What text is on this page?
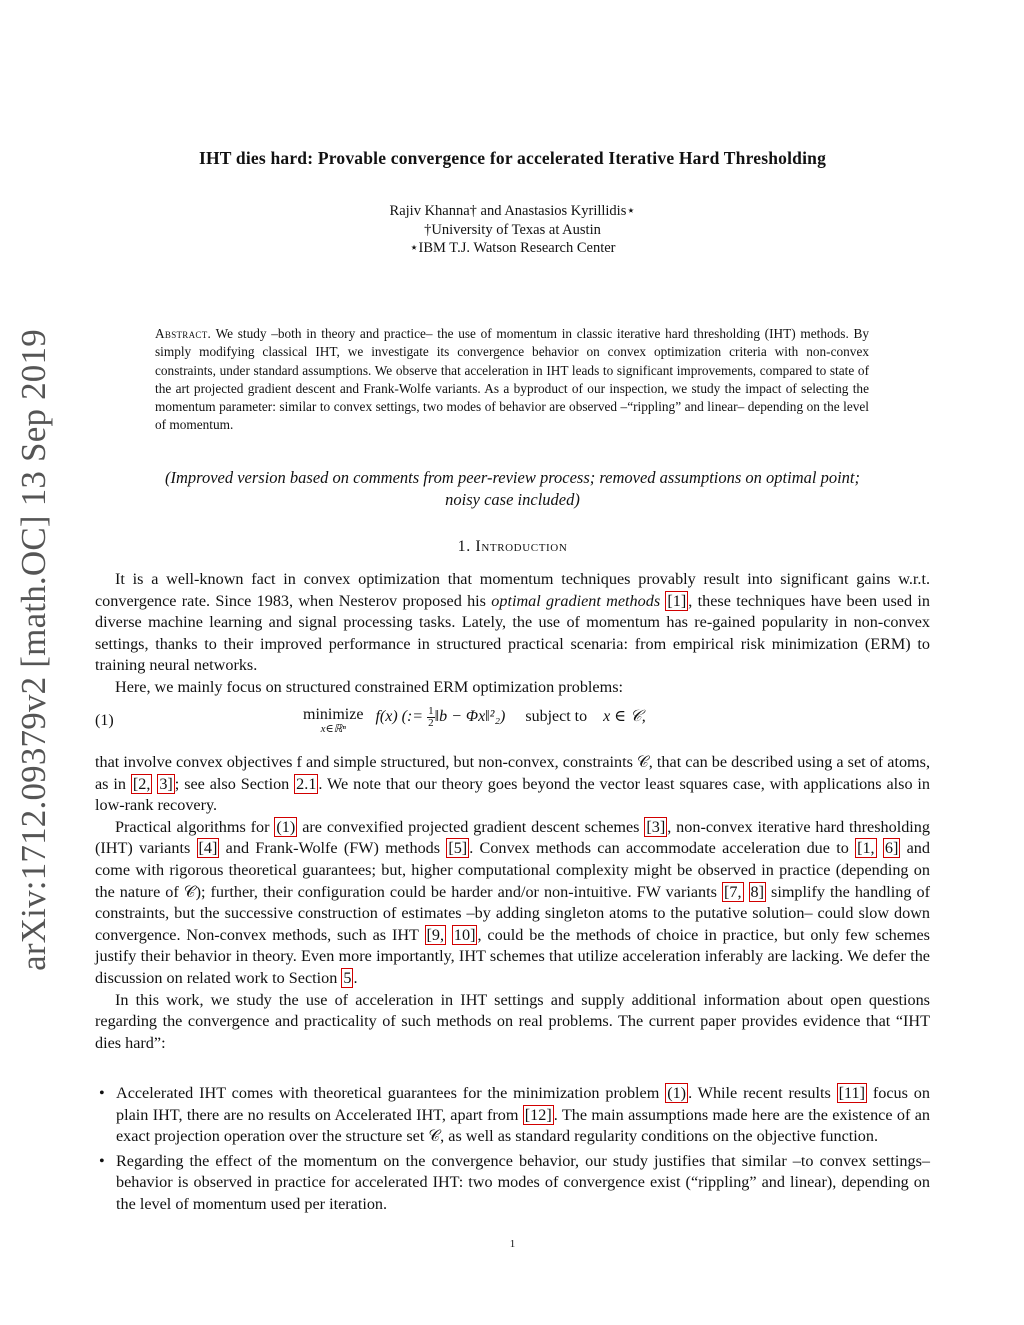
arXiv:1712.09379v2 [math.OC] 13 Sep 2019
IHT dies hard: Provable convergence for accelerated Iterative Hard Thresholding
Rajiv Khanna† and Anastasios Kyrillidis⋆
†University of Texas at Austin
⋆IBM T.J. Watson Research Center
Abstract. We study –both in theory and practice– the use of momentum in classic iterative hard thresholding (IHT) methods. By simply modifying classical IHT, we investigate its convergence behavior on convex optimization criteria with non-convex constraints, under standard assumptions. We observe that acceleration in IHT leads to significant improvements, compared to state of the art projected gradient descent and Frank-Wolfe variants. As a byproduct of our inspection, we study the impact of selecting the momentum parameter: similar to convex settings, two modes of behavior are observed –“rippling” and linear– depending on the level of momentum.
(Improved version based on comments from peer-review process; removed assumptions on optimal point;
noisy case included)
1. Introduction

It is a well-known fact in convex optimization that momentum techniques provably result into significant gains w.r.t. convergence rate. Since 1983, when Nesterov proposed his optimal gradient methods [1] , these techniques have been used in diverse machine learning and signal processing tasks. Lately, the use of momentum has re-gained popularity in non-convex settings, thanks to their improved performance in structured practical scenaria: from empirical risk minimization (ERM) to training neural networks.

Here, we mainly focus on structured constrained ERM optimization problems:

(1)	minimize
x∈ℝⁿ
f(x) (:= $\frac{1}{2}$ ‖b − Φx‖²₂) subject to x ∈ 𝒞,

that involve convex objectives f and simple structured, but non-convex, constraints 𝒞, that can be described using a set of atoms, as in [2, 3] ; see also Section 2.1 . We note that our theory goes beyond the vector least squares case, with applications also in low-rank recovery.

Practical algorithms for (1) are convexified projected gradient descent schemes [3] , non-convex iterative hard thresholding (IHT) variants [4] and Frank-Wolfe (FW) methods [5] . Convex methods can accommodate acceleration due to [1, 6] and come with rigorous theoretical guarantees; but, higher computational complexity might be observed in practice (depending on the nature of 𝒞); further, their configuration could be harder and/or non-intuitive. FW variants [7, 8] simplify the handling of constraints, but the successive construction of estimates –by adding singleton atoms to the putative solution– could slow down convergence. Non-convex methods, such as IHT [9, 10] , could be the methods of choice in practice, but only few schemes justify their behavior in theory. Even more importantly, IHT schemes that utilize acceleration inferably are lacking. We defer the discussion on related work to Section 5 .

In this work, we study the use of acceleration in IHT settings and supply additional information about open questions regarding the convergence and practicality of such methods on real problems. The current paper provides evidence that “IHT dies hard”:

• Accelerated IHT comes with theoretical guarantees for the minimization problem (1) . While recent results [11] focus on plain IHT, there are no results on Accelerated IHT, apart from [12] . The main assumptions made here are the existence of an exact projection operation over the structure set 𝒞, as well as standard regularity conditions on the objective function.
• Regarding the effect of the momentum on the convergence behavior, our study justifies that similar –to convex settings– behavior is observed in practice for accelerated IHT: two modes of convergence exist (“rippling” and linear), depending on the level of momentum used per iteration.
1
